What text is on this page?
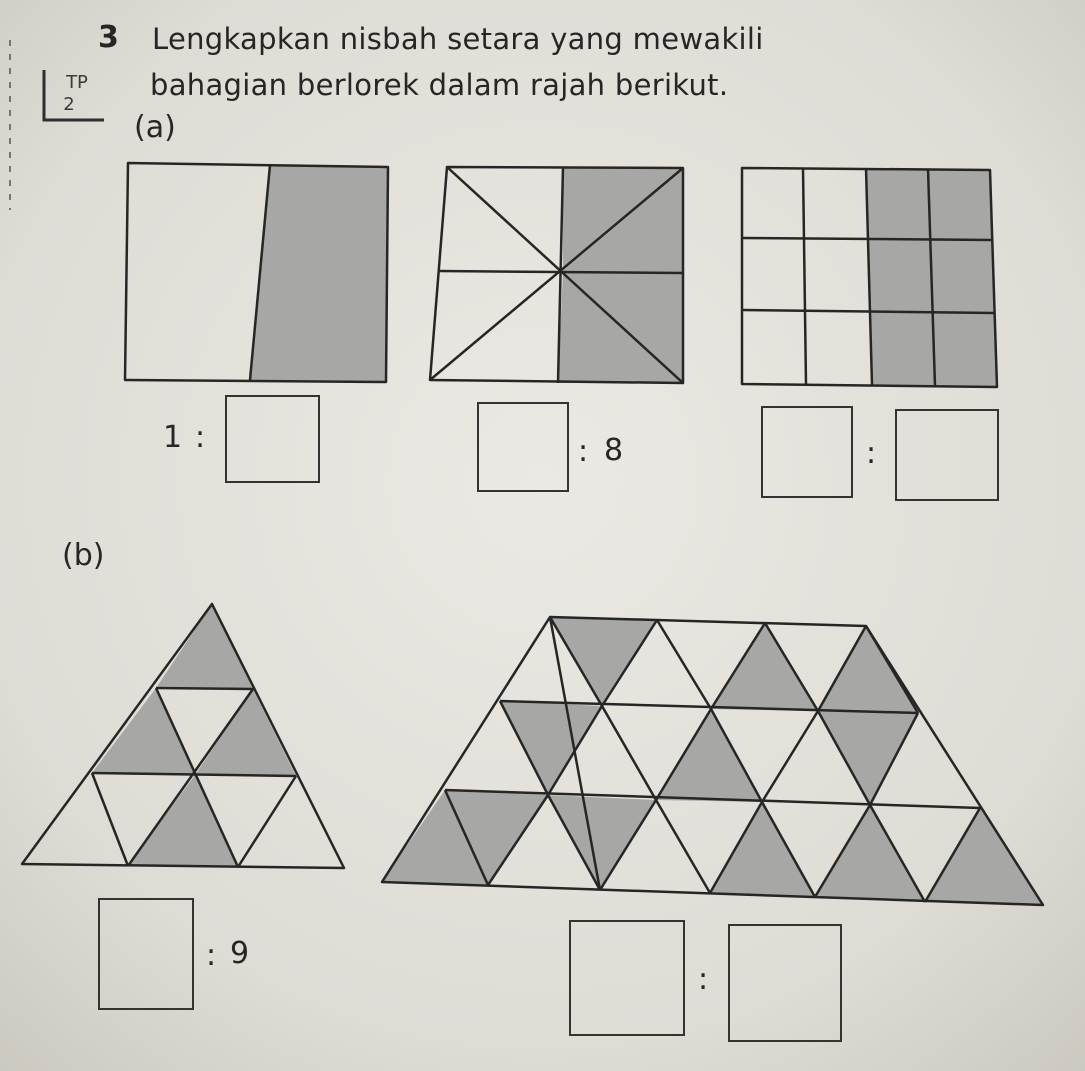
3 Lengkapkan nisbah setara yang mewakili
bahagian berlorek dalam rajah berikut.
TP
2
(a)
1 :	: 8	:
(b)
: 9
:
